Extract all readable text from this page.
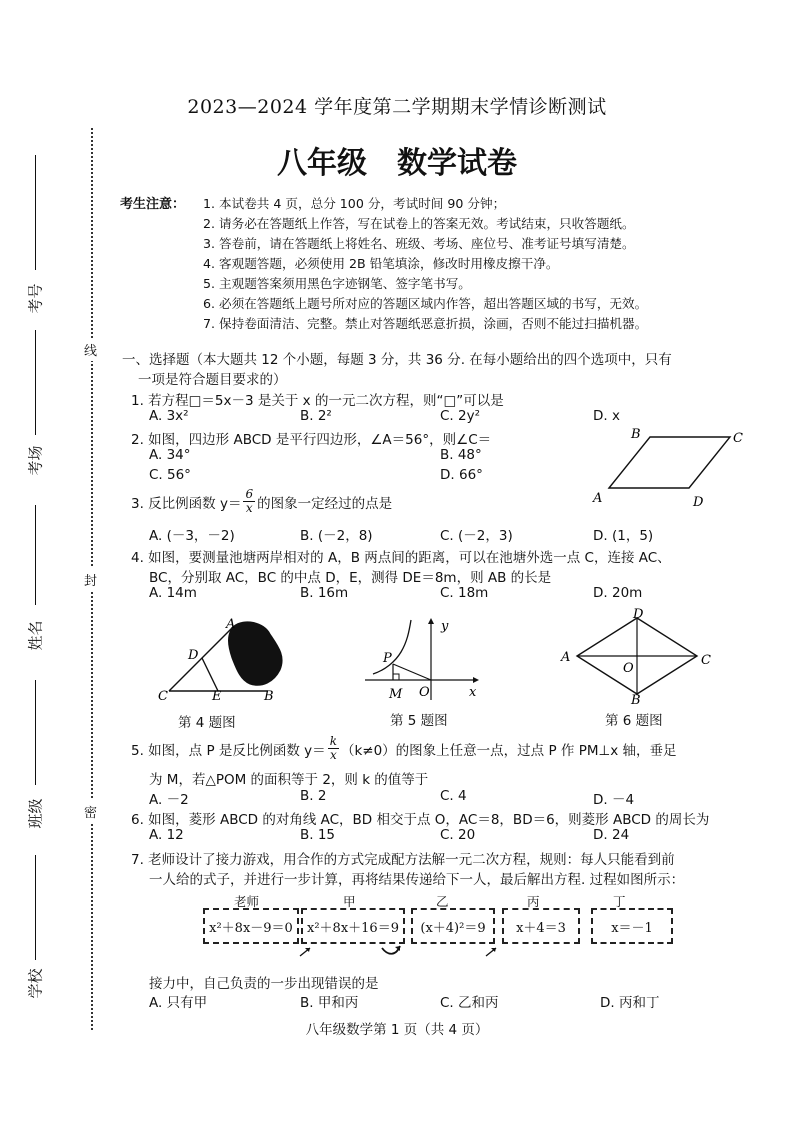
考号
考场
姓名
班级
学校
线
封
密
2023—2024 学年度第二学期期末学情诊断测试
八年级　数学试卷
考生注意： 1. 本试卷共 4 页，总分 100 分，考试时间 90 分钟；
2. 请务必在答题纸上作答，写在试卷上的答案无效。考试结束，只收答题纸。
3. 答卷前，请在答题纸上将姓名、班级、考场、座位号、准考证号填写清楚。
4. 客观题答题，必须使用 2B 铅笔填涂，修改时用橡皮擦干净。
5. 主观题答案须用黑色字迹钢笔、签字笔书写。
6. 必须在答题纸上题号所对应的答题区域内作答，超出答题区域的书写，无效。
7. 保持卷面清洁、完整。禁止对答题纸恶意折损，涂画，否则不能过扫描机器。
一、选择题（本大题共 12 个小题，每题 3 分，共 36 分. 在每小题给出的四个选项中，只有
一项是符合题目要求的）
1. 若方程□＝5x－3 是关于 x 的一元二次方程，则“□”可以是
A. 3x²	B. 2²	C. 2y²	D. x
2. 如图，四边形 ABCD 是平行四边形，∠A＝56°，则∠C＝
A. 34°	B. 48°
C. 56°	D. 66°
B	C
A	D
3. 反比例函数 $y= \frac{6}{x}$ 的图象一定经过的点是
A. (－3，－2)	B. (－2，8)	C. (－2，3)	D. (1，5)
4. 如图，要测量池塘两岸相对的 A，B 两点间的距离，可以在池塘外选一点 C，连接 AC、
BC，分别取 AC，BC 的中点 D，E，测得 DE＝8m，则 AB 的长是
A. 14m	B. 16m	C. 18m	D. 20m
A
D
C	E	B
第 4 题图
y
P
M O	x
第 5 题图
D
A
O
C
B
第 6 题图
5. 如图，点 P 是反比例函数 $y= \frac{k}{x} (k\ne 0)$的图象上任意一点，过点 P 作 PM⊥x 轴，垂足
为 M，若△POM 的面积等于 2，则 k 的值等于
A. －2	B. 2	C. 4	D. －4
6. 如图，菱形 ABCD 的对角线 AC，BD 相交于点 O，AC＝8，BD＝6，则菱形 ABCD 的周长为
A. 12	B. 15	C. 20	D. 24
7. 老师设计了接力游戏，用合作的方式完成配方法解一元二次方程，规则：每人只能看到前
一人给的式子，并进行一步计算，再将结果传递给下一人，最后解出方程. 过程如图所示：
老师	甲	乙	丙	丁
x²＋8x－9＝0	x²＋8x＋16＝9	(x＋4)²＝9	x＋4＝3	x＝－1
接力中，自己负责的一步出现错误的是
A. 只有甲	B. 甲和丙	C. 乙和丙	D. 丙和丁
八年级数学第 1 页（共 4 页）
